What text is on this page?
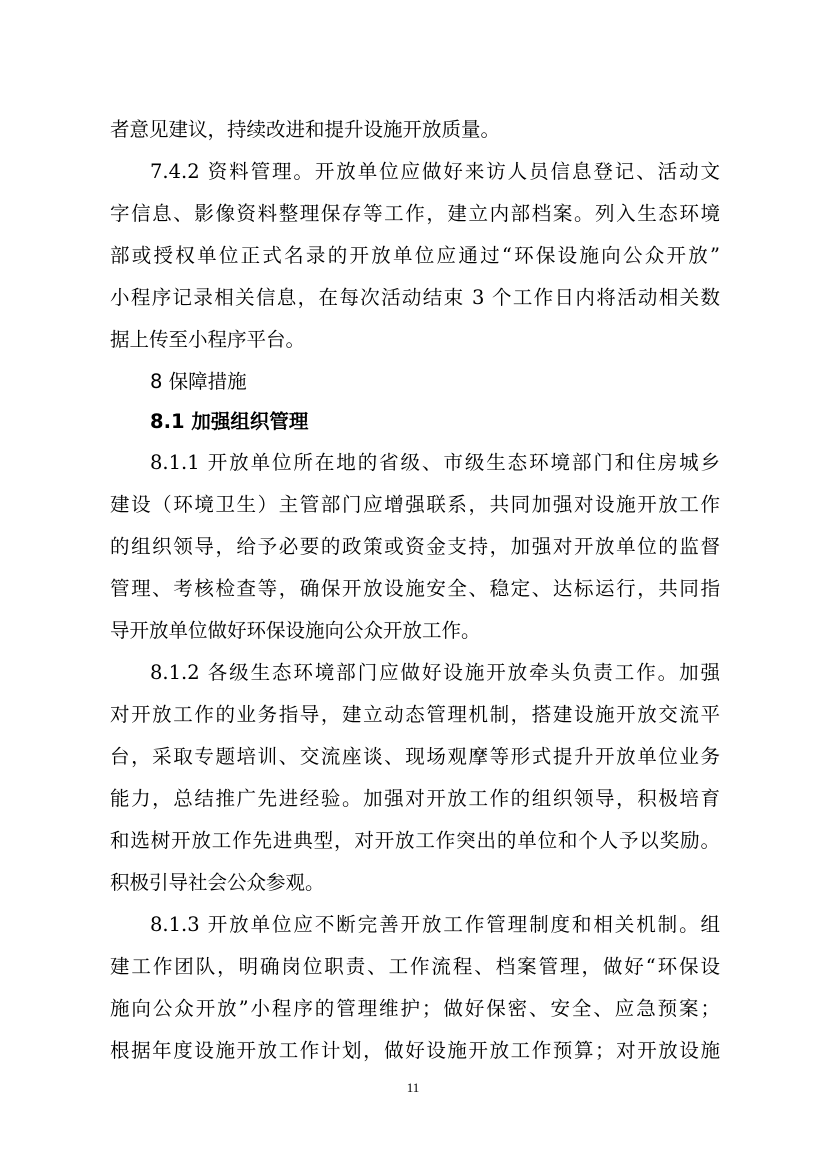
者意见建议，持续改进和提升设施开放质量。
7.4.2 资料管理。开放单位应做好来访人员信息登记、活动文
字信息、影像资料整理保存等工作，建立内部档案。列入生态环境
部或授权单位正式名录的开放单位应通过“环保设施向公众开放”
小程序记录相关信息，在每次活动结束 3 个工作日内将活动相关数
据上传至小程序平台。
8 保障措施
8.1 加强组织管理
8.1.1 开放单位所在地的省级、市级生态环境部门和住房城乡
建设（环境卫生）主管部门应增强联系，共同加强对设施开放工作
的组织领导，给予必要的政策或资金支持，加强对开放单位的监督
管理、考核检查等，确保开放设施安全、稳定、达标运行，共同指
导开放单位做好环保设施向公众开放工作。
8.1.2 各级生态环境部门应做好设施开放牵头负责工作。加强
对开放工作的业务指导，建立动态管理机制，搭建设施开放交流平
台，采取专题培训、交流座谈、现场观摩等形式提升开放单位业务
能力，总结推广先进经验。加强对开放工作的组织领导，积极培育
和选树开放工作先进典型，对开放工作突出的单位和个人予以奖励。
积极引导社会公众参观。
8.1.3 开放单位应不断完善开放工作管理制度和相关机制。组
建工作团队，明确岗位职责、工作流程、档案管理，做好“环保设
施向公众开放”小程序的管理维护；做好保密、安全、应急预案；
根据年度设施开放工作计划，做好设施开放工作预算；对开放设施
11
